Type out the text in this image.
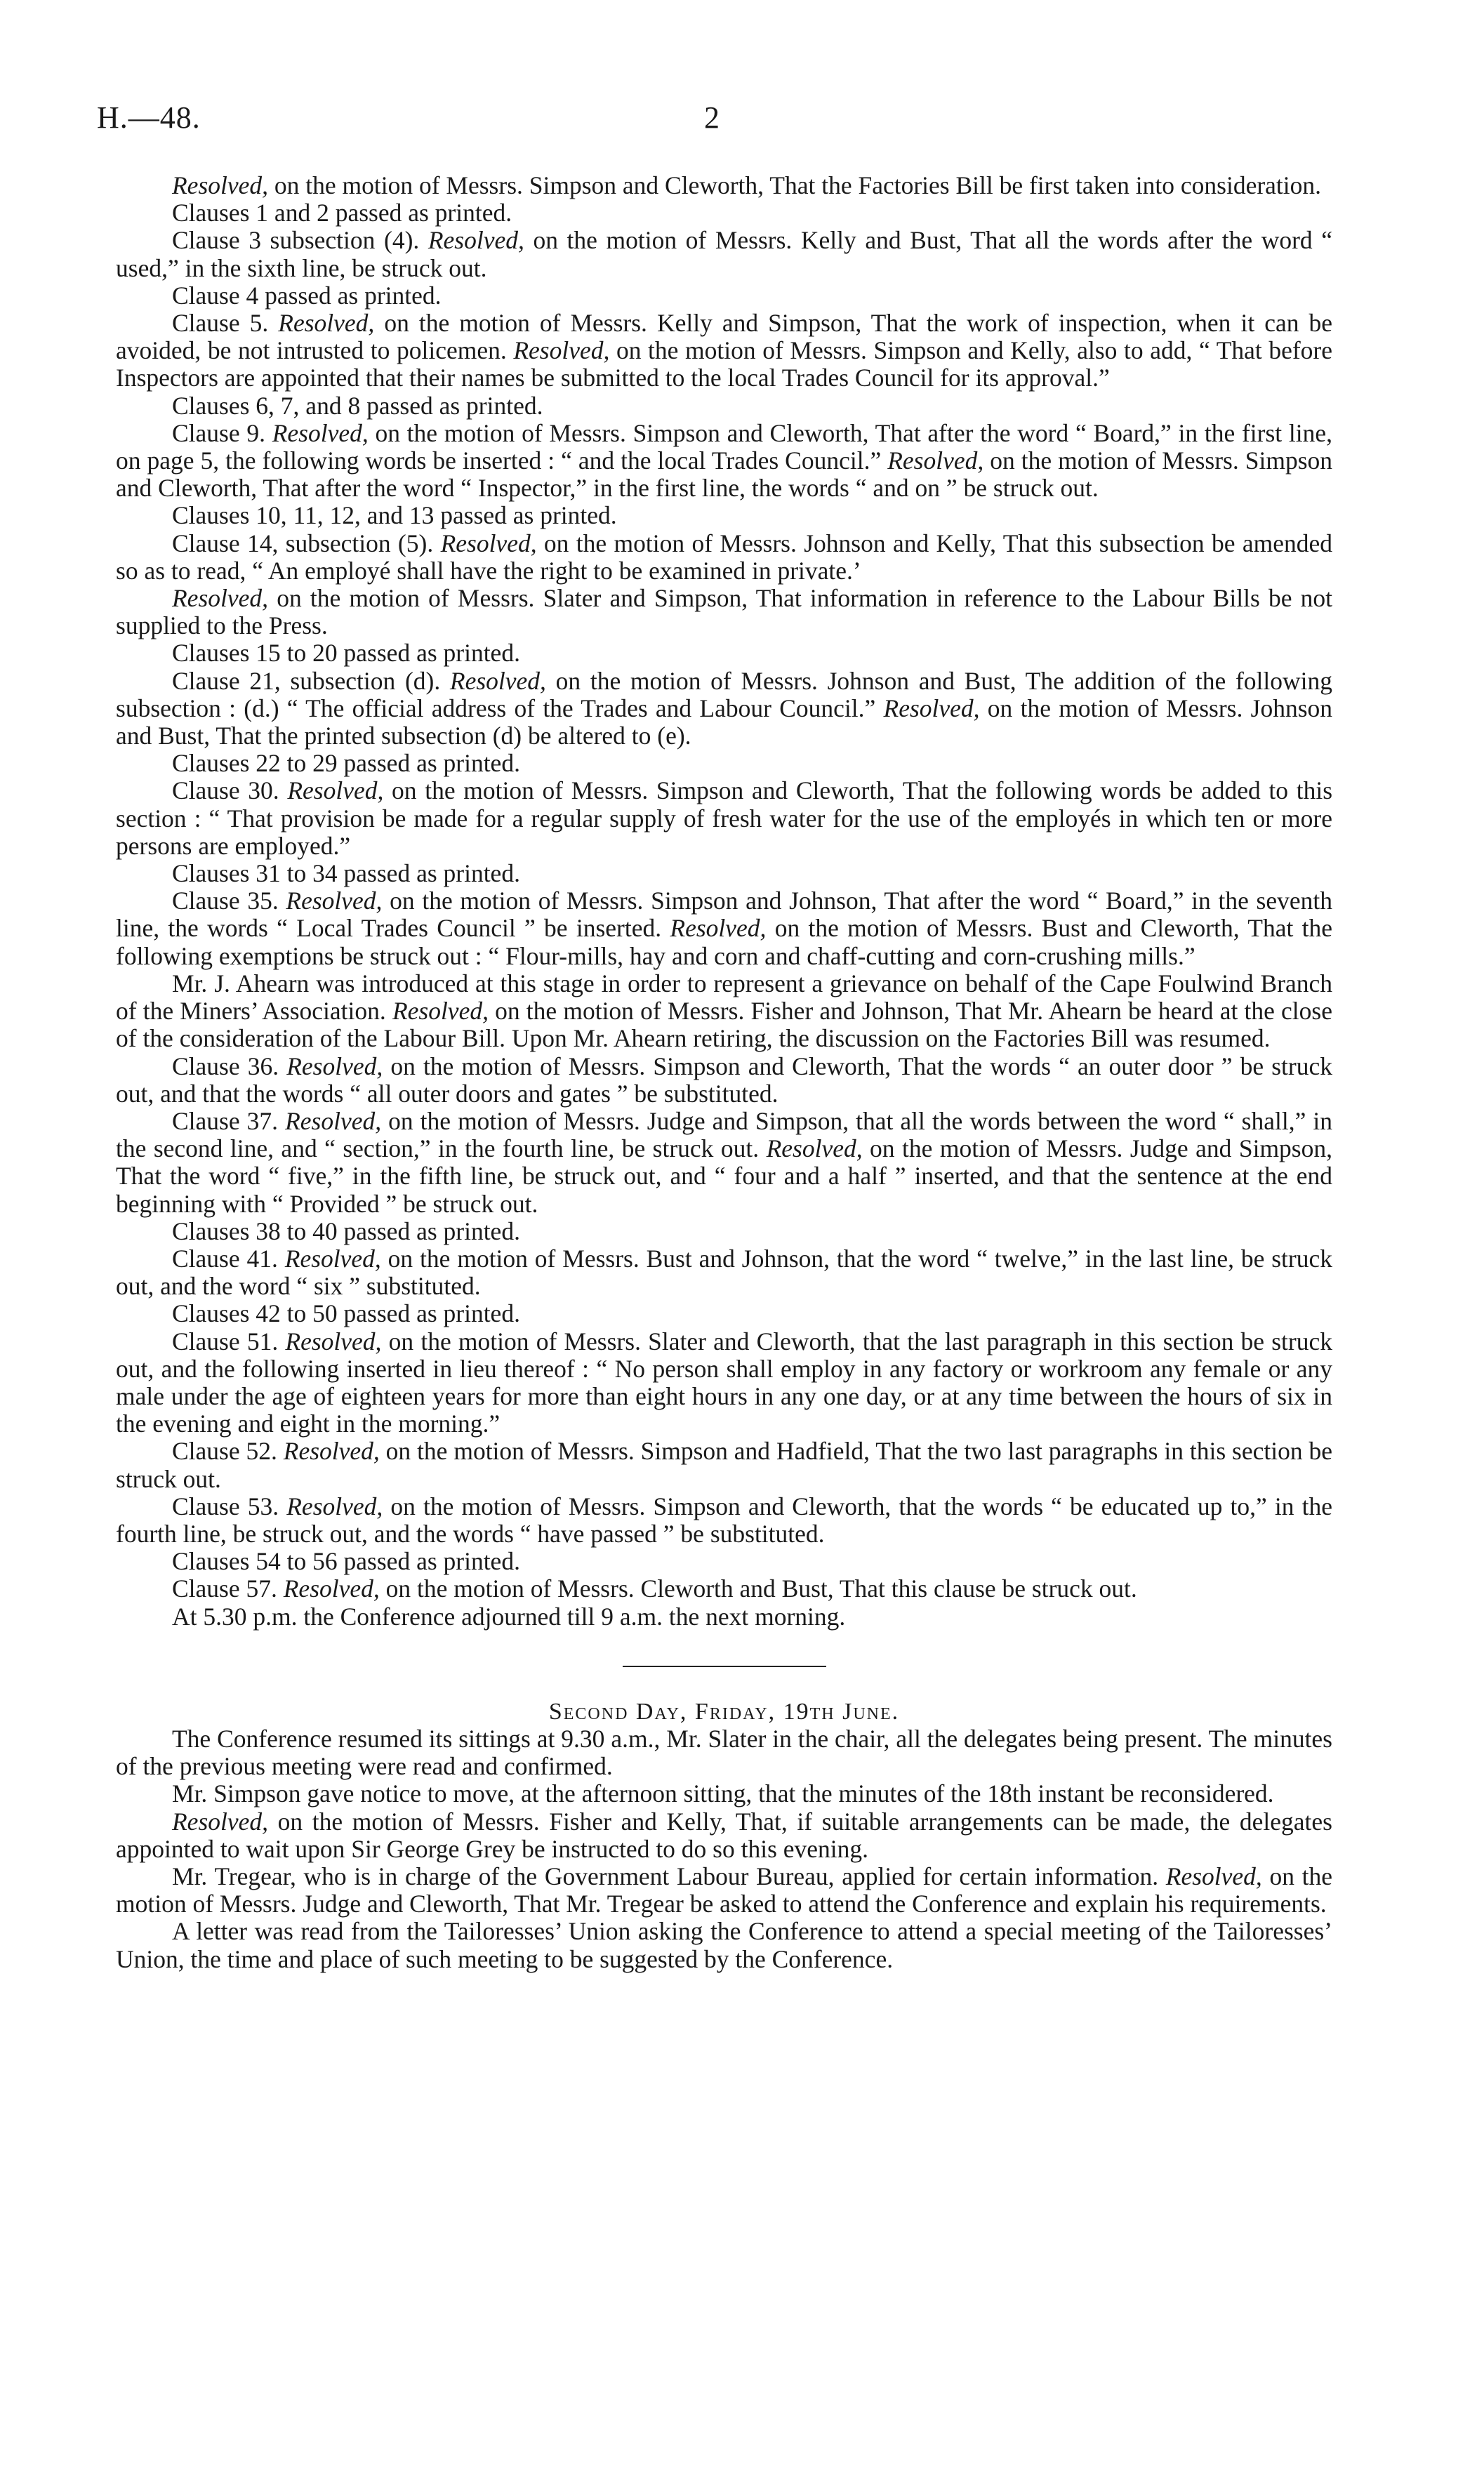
H.—48.	2

Resolved, on the motion of Messrs. Simpson and Cleworth, That the Factories Bill be first taken into consideration.

Clauses 1 and 2 passed as printed.

Clause 3 subsection (4). Resolved, on the motion of Messrs. Kelly and Bust, That all the words after the word “ used,” in the sixth line, be struck out.

Clause 4 passed as printed.

Clause 5. Resolved, on the motion of Messrs. Kelly and Simpson, That the work of inspection, when it can be avoided, be not intrusted to policemen. Resolved, on the motion of Messrs. Simpson and Kelly, also to add, “ That before Inspectors are appointed that their names be submitted to the local Trades Council for its approval.”

Clauses 6, 7, and 8 passed as printed.

Clause 9. Resolved, on the motion of Messrs. Simpson and Cleworth, That after the word “ Board,” in the first line, on page 5, the following words be inserted : “ and the local Trades Council.” Resolved, on the motion of Messrs. Simpson and Cleworth, That after the word “ Inspector,” in the first line, the words “ and on ” be struck out.

Clauses 10, 11, 12, and 13 passed as printed.

Clause 14, subsection (5). Resolved, on the motion of Messrs. Johnson and Kelly, That this subsection be amended so as to read, “ An employé shall have the right to be examined in private.’

Resolved, on the motion of Messrs. Slater and Simpson, That information in reference to the Labour Bills be not supplied to the Press.

Clauses 15 to 20 passed as printed.

Clause 21, subsection (d). Resolved, on the motion of Messrs. Johnson and Bust, The addition of the following subsection : (d.) “ The official address of the Trades and Labour Council.” Resolved, on the motion of Messrs. Johnson and Bust, That the printed subsection (d) be altered to (e).

Clauses 22 to 29 passed as printed.

Clause 30. Resolved, on the motion of Messrs. Simpson and Cleworth, That the following words be added to this section : “ That provision be made for a regular supply of fresh water for the use of the employés in which ten or more persons are employed.”

Clauses 31 to 34 passed as printed.

Clause 35. Resolved, on the motion of Messrs. Simpson and Johnson, That after the word “ Board,” in the seventh line, the words “ Local Trades Council ” be inserted. Resolved, on the motion of Messrs. Bust and Cleworth, That the following exemptions be struck out : “ Flour-mills, hay and corn and chaff-cutting and corn-crushing mills.”

Mr. J. Ahearn was introduced at this stage in order to represent a grievance on behalf of the Cape Foulwind Branch of the Miners’ Association. Resolved, on the motion of Messrs. Fisher and Johnson, That Mr. Ahearn be heard at the close of the consideration of the Labour Bill. Upon Mr. Ahearn retiring, the discussion on the Factories Bill was resumed.

Clause 36. Resolved, on the motion of Messrs. Simpson and Cleworth, That the words “ an outer door ” be struck out, and that the words “ all outer doors and gates ” be substituted.

Clause 37. Resolved, on the motion of Messrs. Judge and Simpson, that all the words between the word “ shall,” in the second line, and “ section,” in the fourth line, be struck out. Resolved, on the motion of Messrs. Judge and Simpson, That the word “ five,” in the fifth line, be struck out, and “ four and a half ” inserted, and that the sentence at the end beginning with “ Provided ” be struck out.

Clauses 38 to 40 passed as printed.

Clause 41. Resolved, on the motion of Messrs. Bust and Johnson, that the word “ twelve,” in the last line, be struck out, and the word “ six ” substituted.

Clauses 42 to 50 passed as printed.

Clause 51. Resolved, on the motion of Messrs. Slater and Cleworth, that the last paragraph in this section be struck out, and the following inserted in lieu thereof : “ No person shall employ in any factory or workroom any female or any male under the age of eighteen years for more than eight hours in any one day, or at any time between the hours of six in the evening and eight in the morning.”

Clause 52. Resolved, on the motion of Messrs. Simpson and Hadfield, That the two last paragraphs in this section be struck out.

Clause 53. Resolved, on the motion of Messrs. Simpson and Cleworth, that the words “ be educated up to,” in the fourth line, be struck out, and the words “ have passed ” be substituted.

Clauses 54 to 56 passed as printed.

Clause 57. Resolved, on the motion of Messrs. Cleworth and Bust, That this clause be struck out.

At 5.30 p.m. the Conference adjourned till 9 a.m. the next morning.

Second Day, Friday, 19th June.

The Conference resumed its sittings at 9.30 a.m., Mr. Slater in the chair, all the delegates being present. The minutes of the previous meeting were read and confirmed.

Mr. Simpson gave notice to move, at the afternoon sitting, that the minutes of the 18th instant be reconsidered.

Resolved, on the motion of Messrs. Fisher and Kelly, That, if suitable arrangements can be made, the delegates appointed to wait upon Sir George Grey be instructed to do so this evening.

Mr. Tregear, who is in charge of the Government Labour Bureau, applied for certain information. Resolved, on the motion of Messrs. Judge and Cleworth, That Mr. Tregear be asked to attend the Conference and explain his requirements.

A letter was read from the Tailoresses’ Union asking the Conference to attend a special meeting of the Tailoresses’ Union, the time and place of such meeting to be suggested by the Conference.
